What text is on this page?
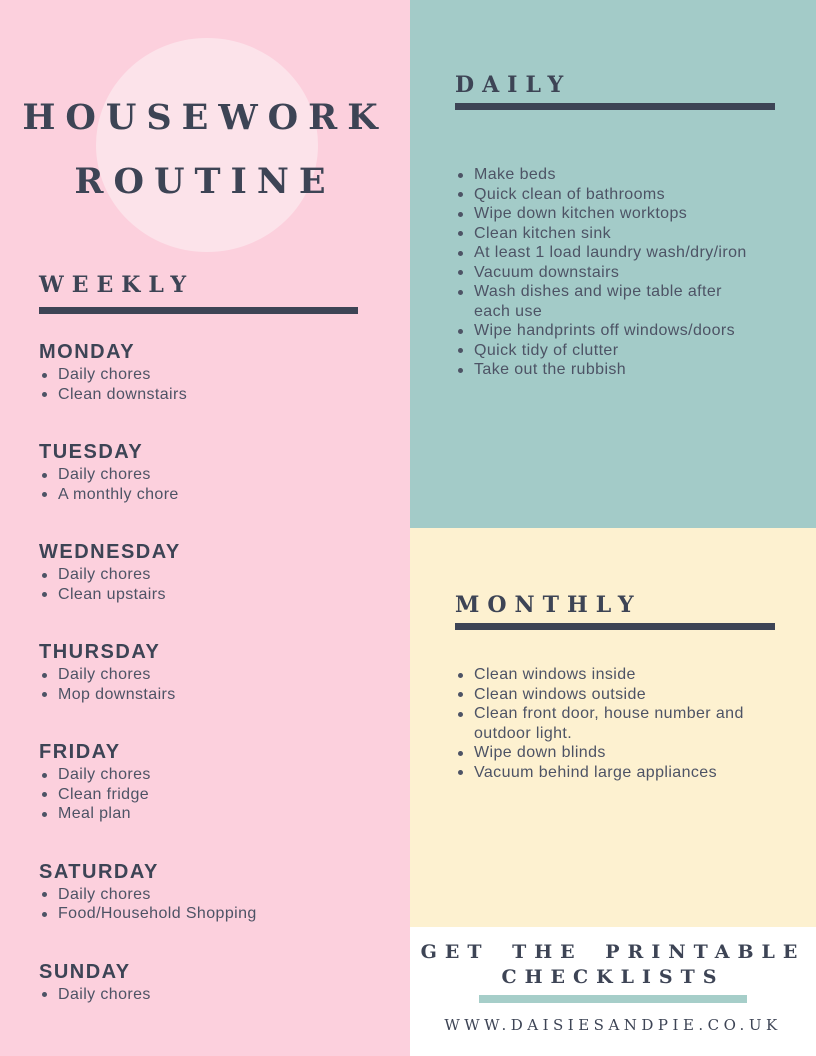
HOUSEWORK
ROUTINE
WEEKLY
MONDAY
Daily chores
Clean downstairs
TUESDAY
Daily chores
A monthly chore
WEDNESDAY
Daily chores
Clean upstairs
THURSDAY
Daily chores
Mop downstairs
FRIDAY
Daily chores
Clean fridge
Meal plan
SATURDAY
Daily chores
Food/Household Shopping
SUNDAY
Daily chores
DAILY
Make beds
Quick clean of bathrooms
Wipe down kitchen worktops
Clean kitchen sink
At least 1 load laundry wash/dry/iron
Vacuum downstairs
Wash dishes and wipe table after each use
Wipe handprints off windows/doors
Quick tidy of clutter
Take out the rubbish
MONTHLY
Clean windows inside
Clean windows outside
Clean front door, house number and outdoor light.
Wipe down blinds
Vacuum behind large appliances
GET THE PRINTABLE
CHECKLISTS
WWW.DAISIESANDPIE.CO.UK
